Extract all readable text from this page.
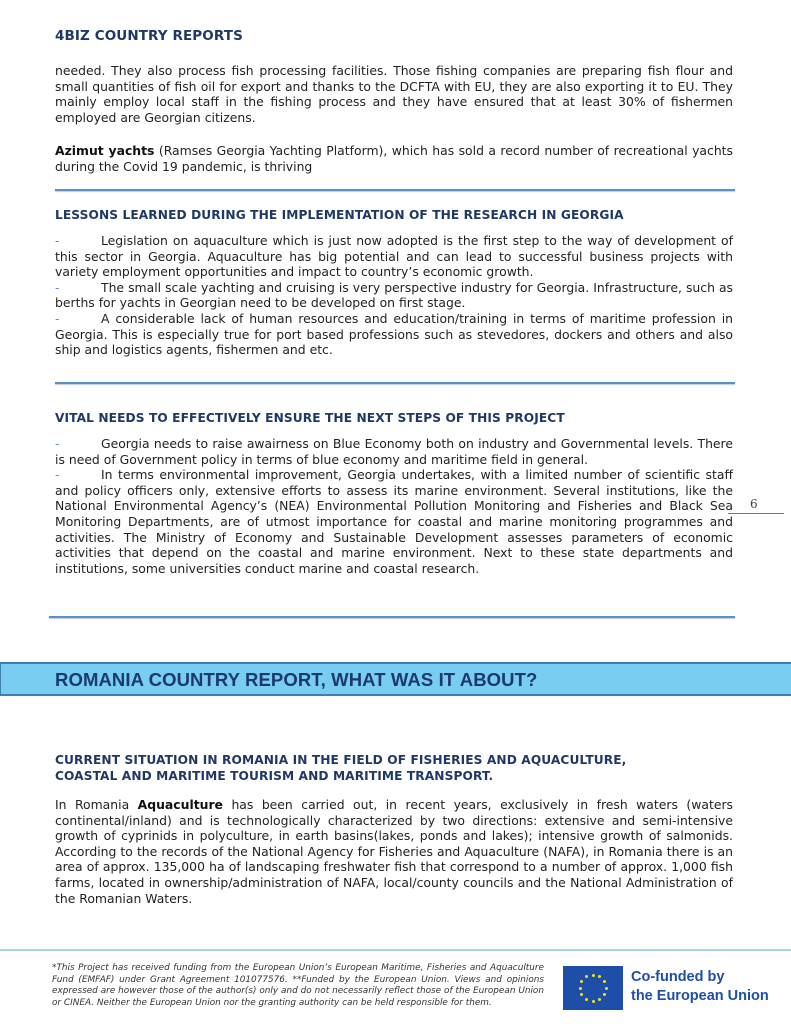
4BIZ COUNTRY REPORTS
needed. They also process fish processing facilities. Those fishing companies are preparing fish flour and small quantities of fish oil for export and thanks to the DCFTA with EU, they are also exporting it to EU. They mainly employ local staff in the fishing process and they have ensured that at least 30% of fishermen employed are Georgian citizens.
Azimut yachts (Ramses Georgia Yachting Platform), which has sold a record number of recreational yachts during the Covid 19 pandemic, is thriving
LESSONS LEARNED DURING THE IMPLEMENTATION OF THE RESEARCH IN GEORGIA
-	Legislation on aquaculture which is just now adopted is the first step to the way of development of this sector in Georgia. Aquaculture has big potential and can lead to successful business projects with variety employment opportunities and impact to country’s economic growth.
-	The small scale yachting and cruising is very perspective industry for Georgia. Infrastructure, such as berths for yachts in Georgian need to be developed on first stage.
-	A considerable lack of human resources and education/training in terms of maritime profession in Georgia. This is especially true for port based professions such as stevedores, dockers and others and also ship and logistics agents, fishermen and etc.
VITAL NEEDS TO EFFECTIVELY ENSURE THE NEXT STEPS OF THIS PROJECT
-	Georgia needs to raise awairness on Blue Economy both on industry and Governmental levels. There is need of Government policy in terms of blue economy and maritime field in general.
-	In terms environmental improvement, Georgia undertakes, with a limited number of scientific staff and policy officers only, extensive efforts to assess its marine environment. Several institutions, like the National Environmental Agency’s (NEA) Environmental Pollution Monitoring and Fisheries and Black Sea Monitoring Departments, are of utmost importance for coastal and marine monitoring programmes and activities. The Ministry of Economy and Sustainable Development assesses parameters of economic activities that depend on the coastal and marine environment. Next to these state departments and institutions, some universities conduct marine and coastal research.
6
ROMANIA COUNTRY REPORT, WHAT WAS IT ABOUT?
CURRENT SITUATION IN ROMANIA IN THE FIELD OF FISHERIES AND AQUACULTURE,
COASTAL AND MARITIME TOURISM AND MARITIME TRANSPORT.
In Romania Aquaculture has been carried out, in recent years, exclusively in fresh waters (waters continental/inland) and is technologically characterized by two directions: extensive and semi-intensive growth of cyprinids in polyculture, in earth basins(lakes, ponds and lakes); intensive growth of salmonids. According to the records of the National Agency for Fisheries and Aquaculture (NAFA), in Romania there is an area of approx. 135,000 ha of landscaping freshwater fish that correspond to a number of approx. 1,000 fish farms, located in ownership/administration of NAFA, local/county councils and the National Administration of the Romanian Waters.
*This Project has received funding from the European Union’s European Maritime, Fisheries and Aquaculture Fund (EMFAF) under Grant Agreement 101077576. **Funded by the European Union. Views and opinions expressed are however those of the author(s) only and do not necessarily reflect those of the European Union or CINEA. Neither the European Union nor the granting authority can be held responsible for them.
Co-funded by
the European Union
